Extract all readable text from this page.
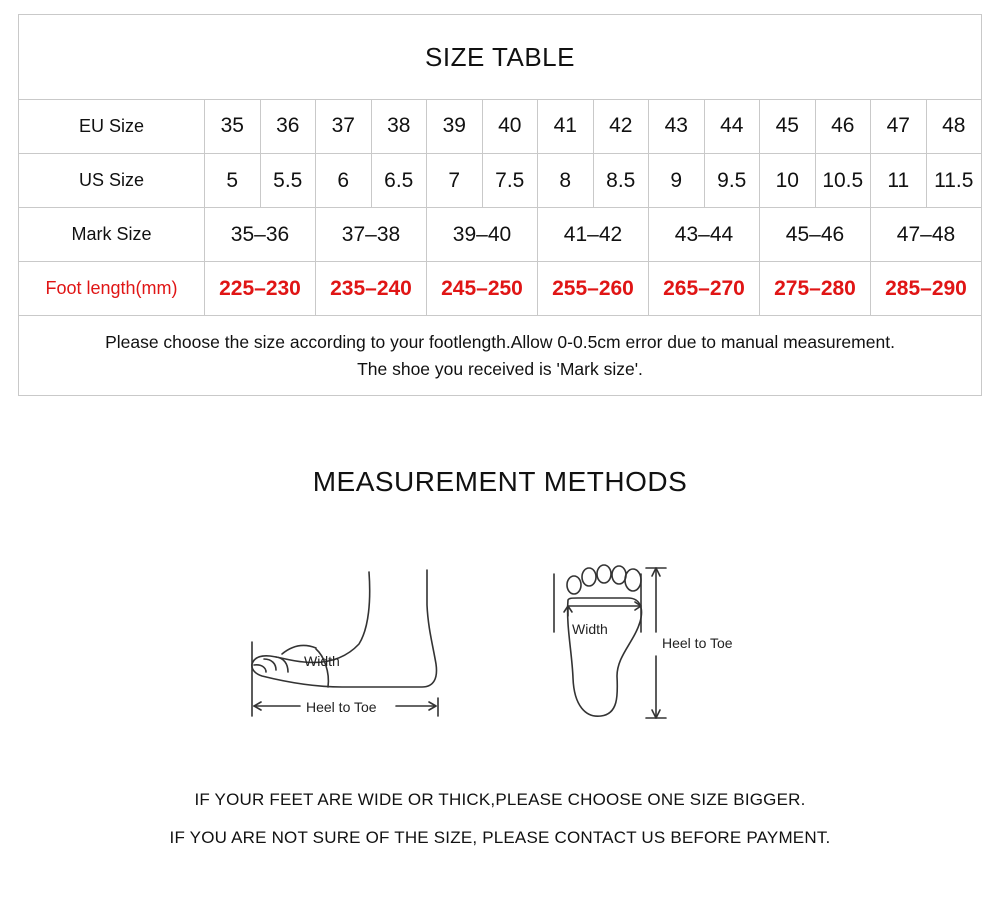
SIZE TABLE
EU Size	35	36	37	38	39	40	41	42	43	44	45	46	47	48
US Size	5	5.5	6	6.5	7	7.5	8	8.5	9	9.5	10	10.5	11	11.5
Mark Size	35–36	37–38	39–40	41–42	43–44	45–46	47–48
Foot length(mm)	225–230	235–240	245–250	255–260	265–270	275–280	285–290
Please choose the size according to your footlength.Allow 0-0.5cm error due to manual measurement.
The shoe you received is 'Mark size'.
MEASUREMENT METHODS
Width
Heel to Toe
Width
Heel to Toe
IF YOUR FEET ARE WIDE OR THICK,PLEASE CHOOSE ONE SIZE BIGGER.
IF YOU ARE NOT SURE OF THE SIZE, PLEASE CONTACT US BEFORE PAYMENT.
